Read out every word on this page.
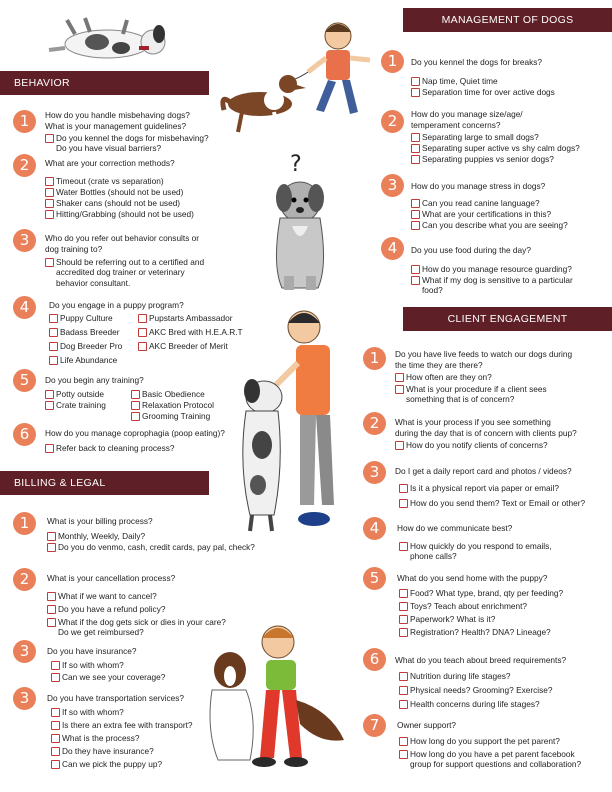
?
MANAGEMENT OF DOGS
1	Do you kennel the dogs for breaks?
Nap time, Quiet time
Separation time for over active dogs
2	How do you manage size/age/
temperament concerns?
Separating large to small dogs?
Separating super active vs shy calm dogs?
Separating puppies vs senior dogs?
3	How do you manage stress in dogs?
Can you read canine language?
What are your certifications in this?
Can you describe what you are seeing?
4	Do you use food during the day?
How do you manage resource guarding?
What if my dog is sensitive to a particular
food?
BEHAVIOR
1	How do you handle misbehaving dogs?
What is your management guidelines?
Do you kennel the dogs for misbehaving?
Do you have visual barriers?
2	What are your correction methods?
Timeout (crate vs separation)
Water Bottles (should not be used)
Shaker cans (should not be used)
Hitting/Grabbing (should not be used)
3	Who do you refer out behavior consults or
dog training to?
Should be referring out to a certified and
accredited dog trainer or veterinary
behavior consultant.
4	Do you engage in a puppy program?
Puppy Culture
Badass Breeder
Dog Breeder Pro
Life Abundance
Pupstarts Ambassador
AKC Bred with H.E.A.R.T
AKC Breeder of Merit
5	Do you begin any training?
Potty outside
Crate training
Basic Obedience
Relaxation Protocol
Grooming Training
6	How do you manage coprophagia (poop eating)?
Refer back to cleaning process?
BILLING & LEGAL
1	What is your billing process?
Monthly, Weekly, Daily?
Do you do venmo, cash, credit cards, pay pal, check?
2	What is your cancellation process?
What if we want to cancel?
Do you have a refund policy?
What if the dog gets sick or dies in your care?
Do we get reimbursed?
3	Do you have insurance?
If so with whom?
Can we see your coverage?
3	Do you have transportation services?
If so with whom?
Is there an extra fee with transport?
What is the process?
Do they have insurance?
Can we pick the puppy up?
CLIENT ENGAGEMENT
1	Do you have live feeds to watch our dogs during
the time they are there?
How often are they on?
What is your procedure if a client sees
something that is of concern?
2	What is your process if you see something
during the day that is of concern with clients pup?
How do you notify clients of concerns?
3	Do I get a daily report card and photos / videos?
Is it a physical report via paper or email?
How do you send them? Text or Email or other?
4	How do we communicate best?
How quickly do you respond to emails,
phone calls?
5	What do you send home with the puppy?
Food? What type, brand, qty per feeding?
Toys? Teach about enrichment?
Paperwork? What is it?
Registration? Health? DNA? Lineage?
6	What do you teach about breed requirements?
Nutrition during life stages?
Physical needs? Grooming? Exercise?
Health concerns during life stages?
7	Owner support?
How long do you support the pet parent?
How long do you have a pet parent facebook
group for support questions and collaboration?
